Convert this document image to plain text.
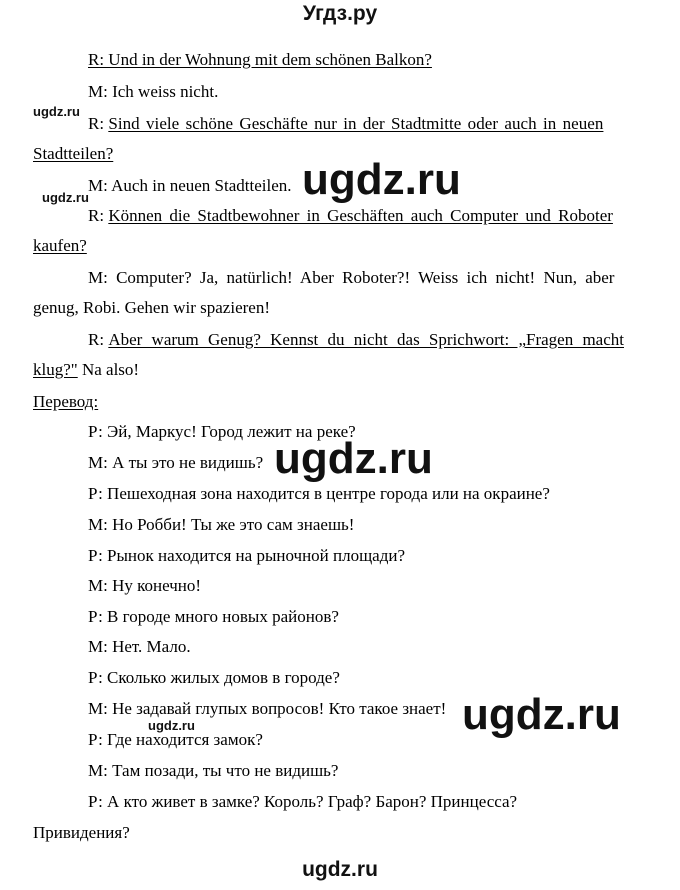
Угдз.ру
R: Und in der Wohnung mit dem schönen Balkon?
M: Ich weiss nicht.
R: Sind viele schöne Geschäfte nur in der Stadtmitte oder auch in neuen
Stadtteilen?
M: Auch in neuen Stadtteilen.
R: Können die Stadtbewohner in Geschäften auch Computer und Roboter
kaufen?
M: Computer? Ja, natürlich! Aber Roboter?! Weiss ich nicht! Nun, aber
genug, Robi. Gehen wir spazieren!
R: Aber warum Genug? Kennst du nicht das Sprichwort: „Fragen macht
klug?" Na also!
Перевод:
Р: Эй, Маркус! Город лежит на реке?
М: А ты это не видишь?
Р: Пешеходная зона находится в центре города или на окраине?
М: Но Робби! Ты же это сам знаешь!
Р: Рынок находится на рыночной площади?
М: Ну конечно!
Р: В городе много новых районов?
М: Нет. Мало.
Р: Сколько жилых домов в городе?
М: Не задавай глупых вопросов! Кто такое знает!
Р: Где находится замок?
М: Там позади, ты что не видишь?
Р: А кто живет в замке? Король? Граф? Барон? Принцесса?
Привидения?
ugdz.ru
ugdz.ru
ugdz.ru
ugdz.ru
ugdz.ru
ugdz.ru
ugdz.ru
